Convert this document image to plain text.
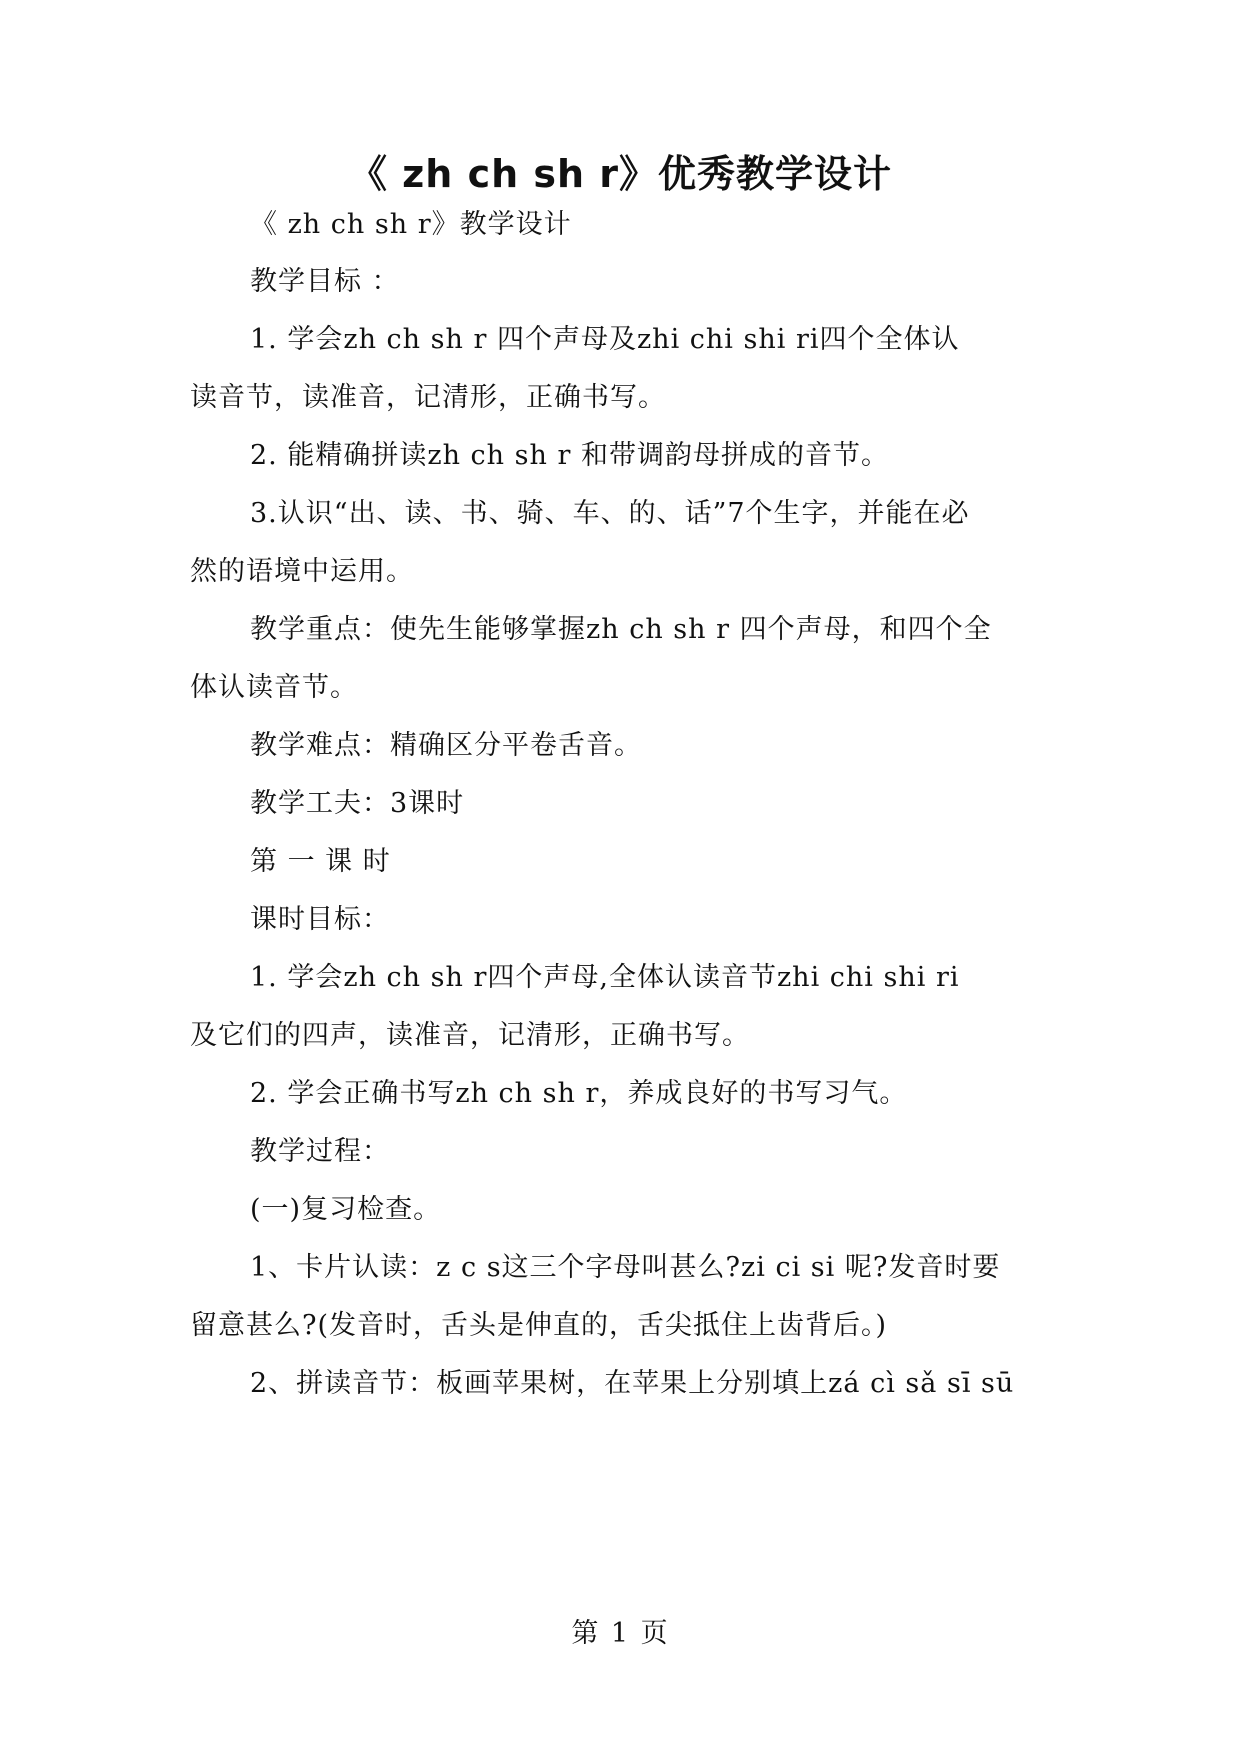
《 zh ch sh r》优秀教学设计
《 zh ch sh r》教学设计
教学目标 ：
1. 学会zh ch sh r 四个声母及zhi chi shi ri四个全体认
读音节，读准音，记清形，正确书写。
2. 能精确拼读zh ch sh r 和带调韵母拼成的音节。
3.认识“出、读、书、骑、车、的、话”7个生字，并能在必
然的语境中运用。
教学重点：使先生能够掌握zh ch sh r 四个声母，和四个全
体认读音节。
教学难点：精确区分平卷舌音。
教学工夫：3课时
第 一 课 时
课时目标：
1. 学会zh ch sh r四个声母,全体认读音节zhi chi shi ri
及它们的四声，读准音，记清形，正确书写。
2. 学会正确书写zh ch sh r，养成良好的书写习气。
教学过程：
(一)复习检查。
1、卡片认读：z c s这三个字母叫甚么?zi ci si 呢?发音时要
留意甚么?(发音时，舌头是伸直的，舌尖抵住上齿背后。)
2、拼读音节：板画苹果树，在苹果上分别填上zá cì sǎ sī sū
第 1 页
